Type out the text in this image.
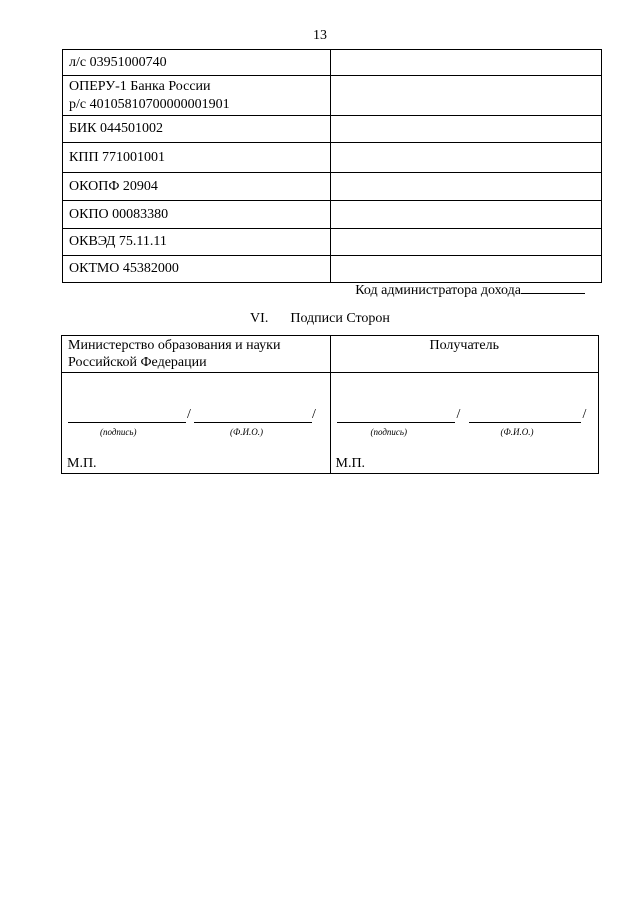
13
л/с 03951000740	

ОПЕРУ-1 Банка России
р/с 40105810700000001901	

БИК 044501002	
КПП 771001001	
ОКОПФ 20904	
ОКПО 00083380	
ОКВЭД 75.11.11	
ОКТМО 45382000	
Код администратора дохода
VI. Подписи Сторон
Министерство образования и науки Российской Федерации
/	/
(подпись)	(Ф.И.О.)
М.П.
Получатель
/	/
(подпись)	(Ф.И.О.)
М.П.
